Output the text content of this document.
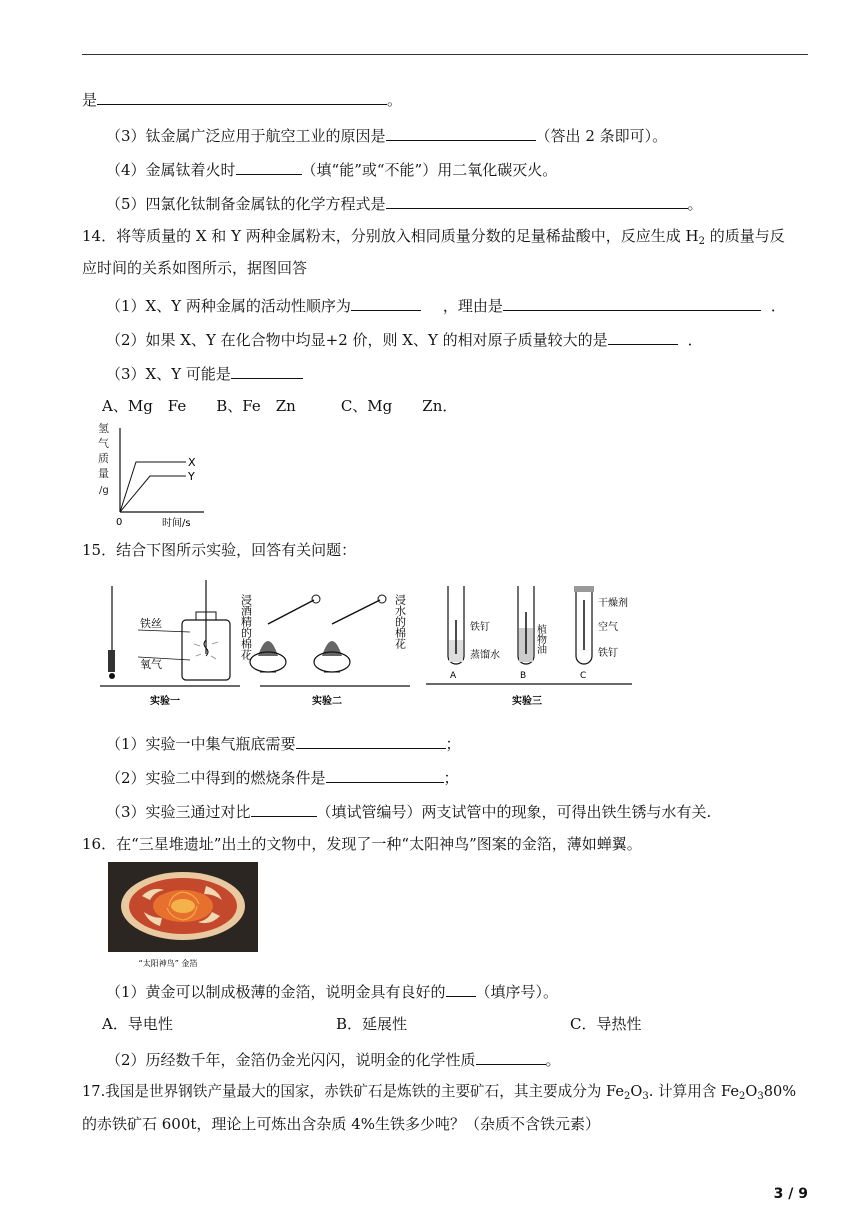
是	。
（3）钛金属广泛应用于航空工业的原因是	（答出 2 条即可）。
（4）金属钛着火时	（填“能”或“不能”）用二氧化碳灭火。
（5）四氯化钛制备金属钛的化学方程式是	。
14．将等质量的 X 和 Y 两种金属粉末，分别放入相同质量分数的足量稀盐酸中，反应生成 $H_2$ 的质量与反
应时间的关系如图所示，据图回答
（1）X、Y 两种金属的活动性顺序为	，理由是	．
（2）如果 X、Y 在化合物中均显+2 价，则 X、Y 的相对原子质量较大的是	．
（3）X、Y 可能是
A、Mg　Fe　　B、Fe　Zn　　　C、Mg　　Zn．
氢
气
质
量
/g
X
Y
0	时间/s
15．结合下图所示实验，回答有关问题：
铁丝
氧气
实验一
浸酒精的棉花	浸水的棉花
实验二
铁钉
蒸馏水
植物油
干燥剂
空气
铁钉
A	B	C
实验三
（1）实验一中集气瓶底需要	；
（2）实验二中得到的燃烧条件是	；
（3）实验三通过对比	（填试管编号）两支试管中的现象，可得出铁生锈与水有关.
16．在“三星堆遗址”出土的文物中，发现了一种“太阳神鸟”图案的金箔，薄如蝉翼。
“太阳神鸟” 金箔
（1）黄金可以制成极薄的金箔，说明金具有良好的 （填序号）。
A．导电性	B．延展性	C．导热性
（2）历经数千年，金箔仍金光闪闪，说明金的化学性质	。
17.我国是世界钢铁产量最大的国家，赤铁矿石是炼铁的主要矿石，其主要成分为 $Fe_2O_3$. 计算用含 $Fe_2O_380\%$
的赤铁矿石 600t，理论上可炼出含杂质 4%生铁多少吨？（杂质不含铁元素）
3 / 9
